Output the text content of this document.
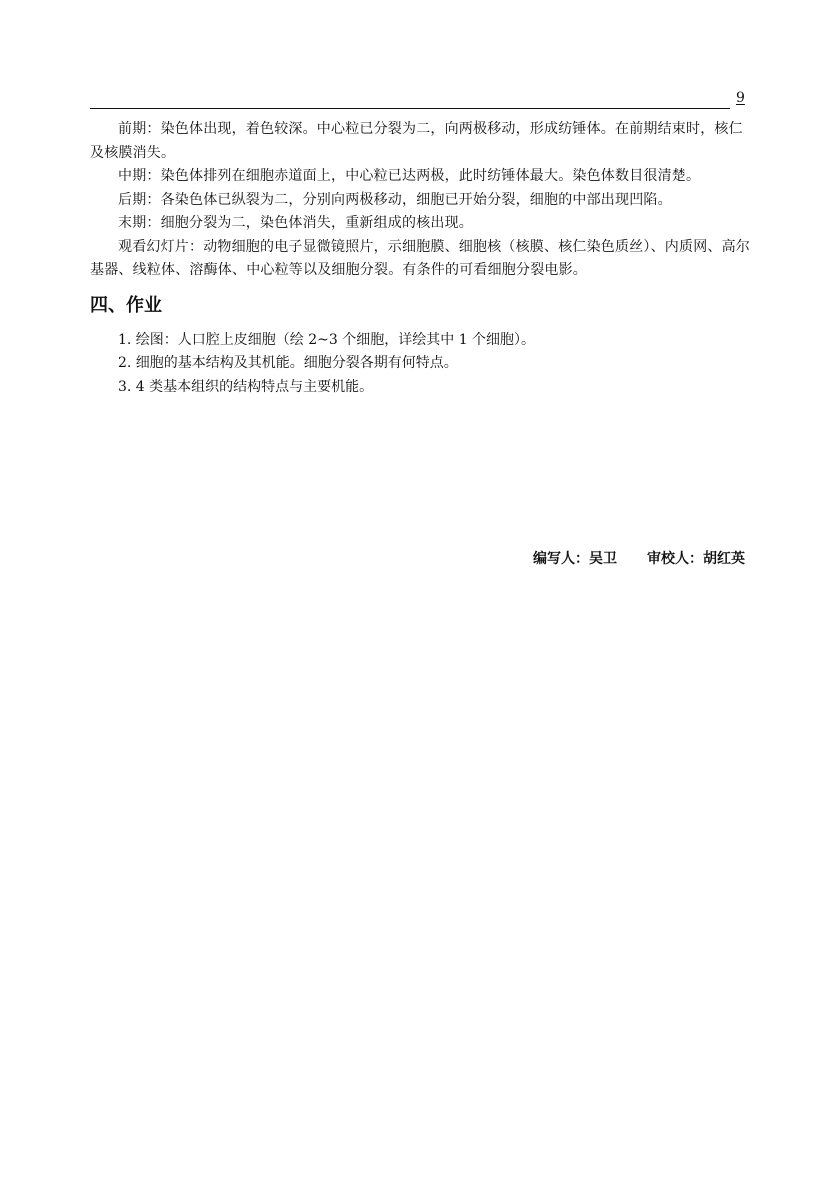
9

前期：染色体出现，着色较深。中心粒已分裂为二，向两极移动，形成纺锤体。在前期结束时，核仁及核膜消失。

中期：染色体排列在细胞赤道面上，中心粒已达两极，此时纺锤体最大。染色体数目很清楚。

后期：各染色体已纵裂为二，分别向两极移动，细胞已开始分裂，细胞的中部出现凹陷。

末期：细胞分裂为二，染色体消失，重新组成的核出现。

观看幻灯片：动物细胞的电子显微镜照片，示细胞膜、细胞核（核膜、核仁染色质丝）、内质网、高尔基器、线粒体、溶酶体、中心粒等以及细胞分裂。有条件的可看细胞分裂电影。

四、作业
1. 绘图：人口腔上皮细胞（绘 2~3 个细胞，详绘其中 1 个细胞）。
2. 细胞的基本结构及其机能。细胞分裂各期有何特点。
3. 4 类基本组织的结构特点与主要机能。
编写人：吴卫 审校人：胡红英
